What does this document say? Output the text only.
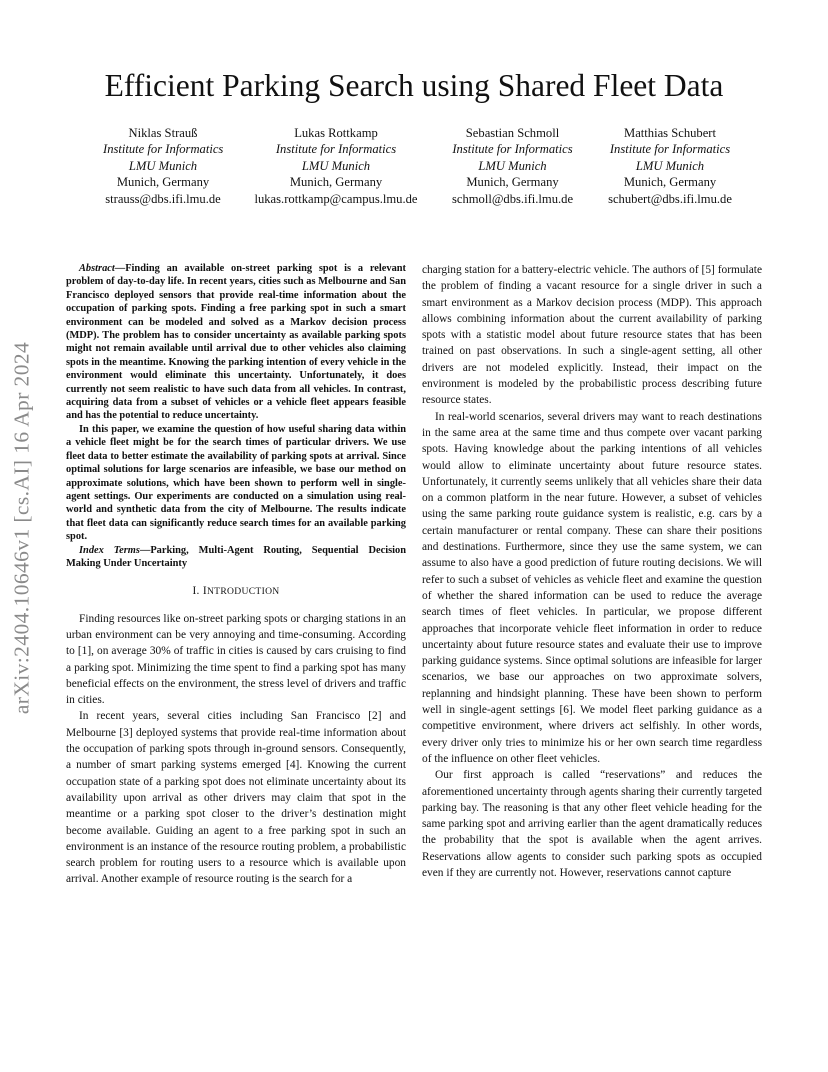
arXiv:2404.10646v1 [cs.AI] 16 Apr 2024
Efficient Parking Search using Shared Fleet Data
Niklas Strauß
Institute for Informatics
LMU Munich
Munich, Germany
strauss@dbs.ifi.lmu.de
Lukas Rottkamp
Institute for Informatics
LMU Munich
Munich, Germany
lukas.rottkamp@campus.lmu.de
Sebastian Schmoll
Institute for Informatics
LMU Munich
Munich, Germany
schmoll@dbs.ifi.lmu.de
Matthias Schubert
Institute for Informatics
LMU Munich
Munich, Germany
schubert@dbs.ifi.lmu.de

Abstract—Finding an available on-street parking spot is a relevant problem of day-to-day life. In recent years, cities such as Melbourne and San Francisco deployed sensors that provide real-time information about the occupation of parking spots. Finding a free parking spot in such a smart environment can be modeled and solved as a Markov decision process (MDP). The problem has to consider uncertainty as available parking spots might not remain available until arrival due to other vehicles also claiming spots in the meantime. Knowing the parking intention of every vehicle in the environment would eliminate this uncertainty. Unfortunately, it does currently not seem realistic to have such data from all vehicles. In contrast, acquiring data from a subset of vehicles or a vehicle fleet appears feasible and has the potential to reduce uncertainty.

In this paper, we examine the question of how useful sharing data within a vehicle fleet might be for the search times of particular drivers. We use fleet data to better estimate the availability of parking spots at arrival. Since optimal solutions for large scenarios are infeasible, we base our method on approximate solutions, which have been shown to perform well in single-agent settings. Our experiments are conducted on a simulation using real-world and synthetic data from the city of Melbourne. The results indicate that fleet data can significantly reduce search times for an available parking spot.

Index Terms—Parking, Multi-Agent Routing, Sequential Decision Making Under Uncertainty

I. INTRODUCTION

Finding resources like on-street parking spots or charging stations in an urban environment can be very annoying and time-consuming. According to [1], on average 30% of traffic in cities is caused by cars cruising to find a parking spot. Minimizing the time spent to find a parking spot has many beneficial effects on the environment, the stress level of drivers and traffic in cities.

In recent years, several cities including San Francisco [2] and Melbourne [3] deployed systems that provide real-time information about the occupation of parking spots through in-ground sensors. Consequently, a number of smart parking systems emerged [4]. Knowing the current occupation state of a parking spot does not eliminate uncertainty about its availability upon arrival as other drivers may claim that spot in the meantime or a parking spot closer to the driver’s destination might become available. Guiding an agent to a free parking spot in such an environment is an instance of the resource routing problem, a probabilistic search problem for routing users to a resource which is available upon arrival. Another example of resource routing is the search for a

charging station for a battery-electric vehicle. The authors of [5] formulate the problem of finding a vacant resource for a single driver in such a smart environment as a Markov decision process (MDP). This approach allows combining information about the current availability of parking spots with a statistic model about future resource states that has been trained on past observations. In such a single-agent setting, all other drivers are not modeled explicitly. Instead, their impact on the environment is modeled by the probabilistic process describing future resource states.

In real-world scenarios, several drivers may want to reach destinations in the same area at the same time and thus compete over vacant parking spots. Having knowledge about the parking intentions of all vehicles would allow to eliminate uncertainty about future resource states. Unfortunately, it currently seems unlikely that all vehicles share their data on a common platform in the near future. However, a subset of vehicles using the same parking route guidance system is realistic, e.g. cars by a certain manufacturer or rental company. These can share their positions and destinations. Furthermore, since they use the same system, we can assume to also have a good prediction of future routing decisions. We will refer to such a subset of vehicles as vehicle fleet and examine the question of whether the shared information can be used to reduce the average search times of fleet vehicles. In particular, we propose different approaches that incorporate vehicle fleet information in order to reduce uncertainty about future resource states and evaluate their use to improve parking guidance systems. Since optimal solutions are infeasible for larger scenarios, we base our approaches on two approximate solvers, replanning and hindsight planning. These have been shown to perform well in single-agent settings [6]. We model fleet parking guidance as a competitive environment, where drivers act selfishly. In other words, every driver only tries to minimize his or her own search time regardless of the influence on other fleet vehicles.

Our first approach is called “reservations” and reduces the aforementioned uncertainty through agents sharing their currently targeted parking bay. The reasoning is that any other fleet vehicle heading for the same parking spot and arriving earlier than the agent dramatically reduces the probability that the spot is available when the agent arrives. Reservations allow agents to consider such parking spots as occupied even if they are currently not. However, reservations cannot capture
